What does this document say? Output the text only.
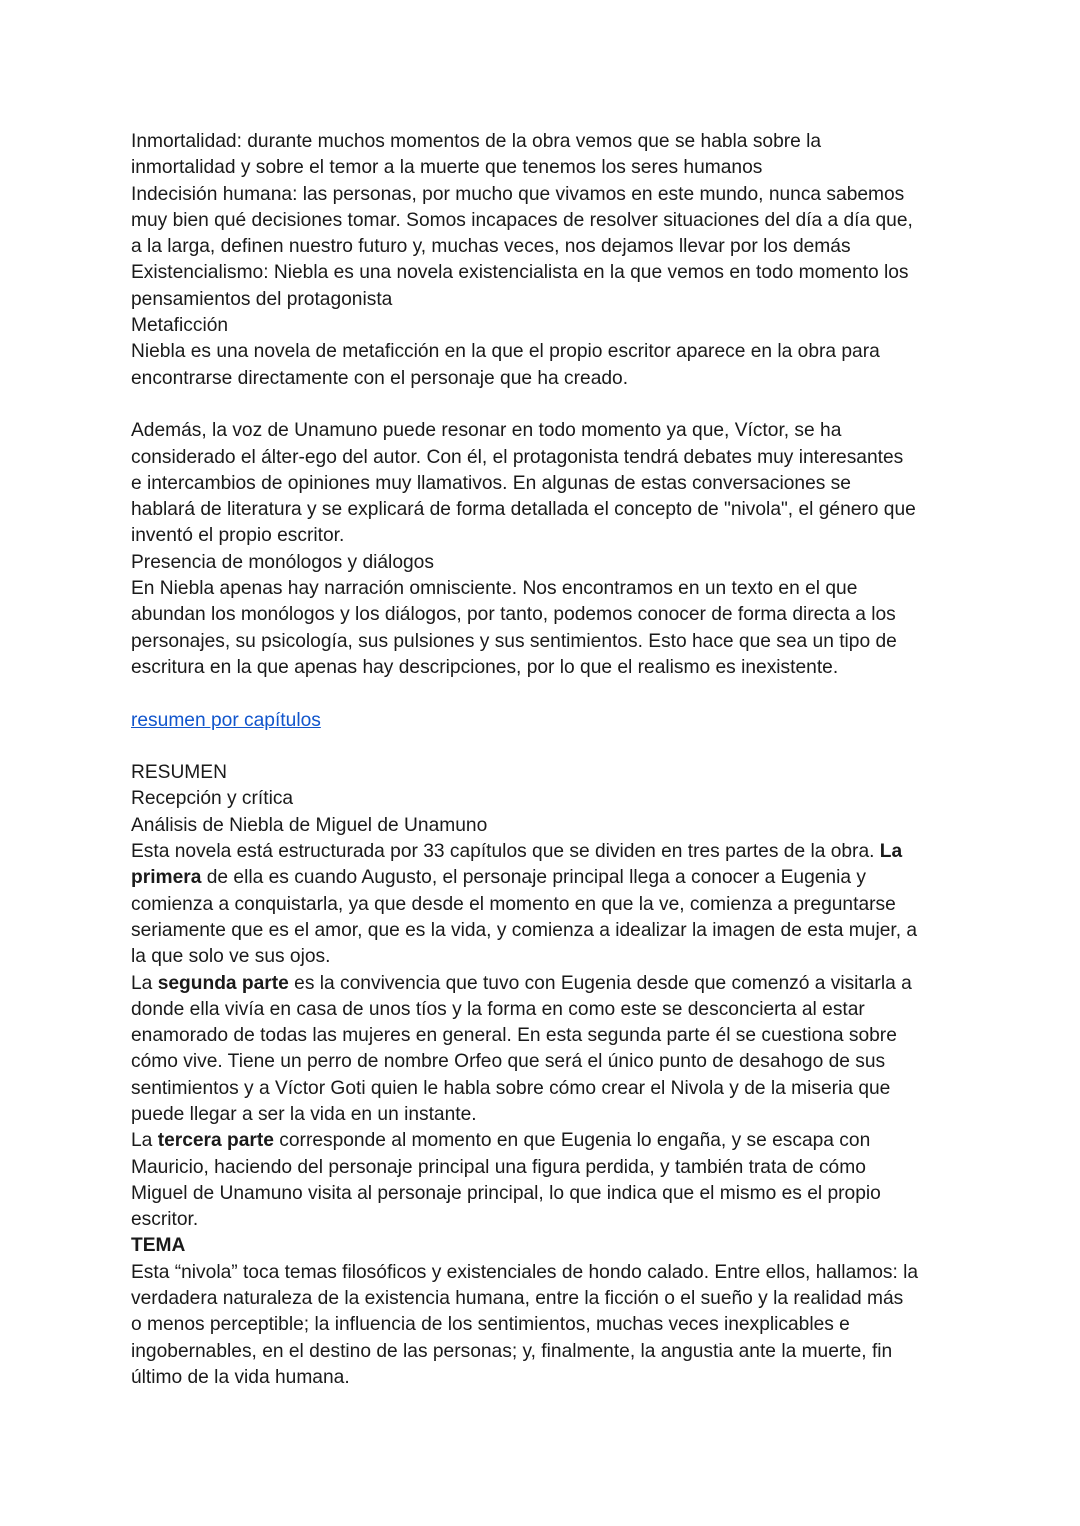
Inmortalidad: durante muchos momentos de la obra vemos que se habla sobre la
inmortalidad y sobre el temor a la muerte que tenemos los seres humanos
Indecisión humana: las personas, por mucho que vivamos en este mundo, nunca sabemos
muy bien qué decisiones tomar. Somos incapaces de resolver situaciones del día a día que,
a la larga, definen nuestro futuro y, muchas veces, nos dejamos llevar por los demás
Existencialismo: Niebla es una novela existencialista en la que vemos en todo momento los
pensamientos del protagonista
Metaficción
Niebla es una novela de metaficción en la que el propio escritor aparece en la obra para
encontrarse directamente con el personaje que ha creado.
Además, la voz de Unamuno puede resonar en todo momento ya que, Víctor, se ha
considerado el álter-ego del autor. Con él, el protagonista tendrá debates muy interesantes
e intercambios de opiniones muy llamativos. En algunas de estas conversaciones se
hablará de literatura y se explicará de forma detallada el concepto de "nivola", el género que
inventó el propio escritor.
Presencia de monólogos y diálogos
En Niebla apenas hay narración omnisciente. Nos encontramos en un texto en el que
abundan los monólogos y los diálogos, por tanto, podemos conocer de forma directa a los
personajes, su psicología, sus pulsiones y sus sentimientos. Esto hace que sea un tipo de
escritura en la que apenas hay descripciones, por lo que el realismo es inexistente.
resumen por capítulos
RESUMEN
Recepción y crítica
Análisis de Niebla de Miguel de Unamuno
Esta novela está estructurada por 33 capítulos que se dividen en tres partes de la obra. La
primera de ella es cuando Augusto, el personaje principal llega a conocer a Eugenia y
comienza a conquistarla, ya que desde el momento en que la ve, comienza a preguntarse
seriamente que es el amor, que es la vida, y comienza a idealizar la imagen de esta mujer, a
la que solo ve sus ojos.
La segunda parte es la convivencia que tuvo con Eugenia desde que comenzó a visitarla a
donde ella vivía en casa de unos tíos y la forma en como este se desconcierta al estar
enamorado de todas las mujeres en general. En esta segunda parte él se cuestiona sobre
cómo vive. Tiene un perro de nombre Orfeo que será el único punto de desahogo de sus
sentimientos y a Víctor Goti quien le habla sobre cómo crear el Nivola y de la miseria que
puede llegar a ser la vida en un instante.
La tercera parte corresponde al momento en que Eugenia lo engaña, y se escapa con
Mauricio, haciendo del personaje principal una figura perdida, y también trata de cómo
Miguel de Unamuno visita al personaje principal, lo que indica que el mismo es el propio
escritor.
TEMA
Esta “nivola” toca temas filosóficos y existenciales de hondo calado. Entre ellos, hallamos: la
verdadera naturaleza de la existencia humana, entre la ficción o el sueño y la realidad más
o menos perceptible; la influencia de los sentimientos, muchas veces inexplicables e
ingobernables, en el destino de las personas; y, finalmente, la angustia ante la muerte, fin
último de la vida humana.
